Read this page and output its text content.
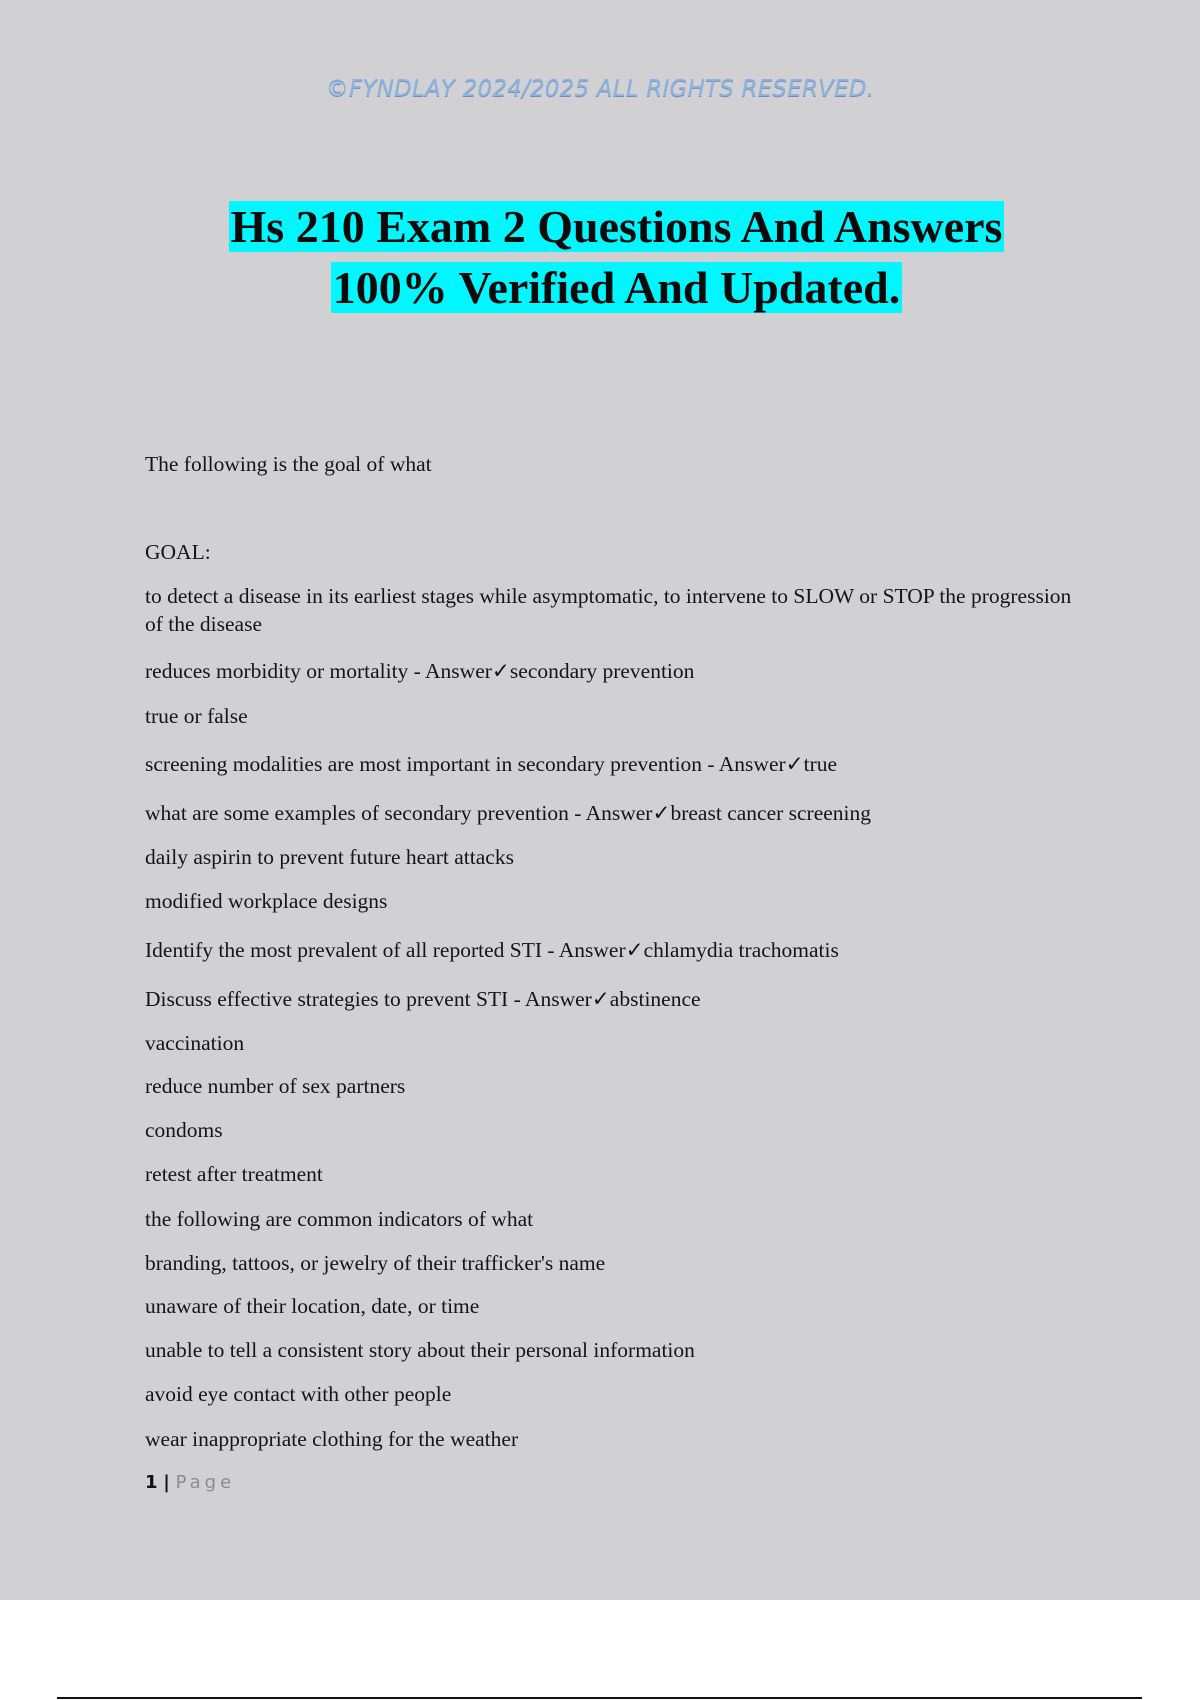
©FYNDLAY 2024/2025 ALL RIGHTS RESERVED.
Hs 210 Exam 2 Questions And Answers
100% Verified And Updated.
The following is the goal of what
GOAL:
to detect a disease in its earliest stages while asymptomatic, to intervene to SLOW or STOP the progression of the disease
reduces morbidity or mortality - Answer✓secondary prevention
true or false
screening modalities are most important in secondary prevention - Answer✓true
what are some examples of secondary prevention - Answer✓breast cancer screening
daily aspirin to prevent future heart attacks
modified workplace designs
Identify the most prevalent of all reported STI - Answer✓chlamydia trachomatis
Discuss effective strategies to prevent STI - Answer✓abstinence
vaccination
reduce number of sex partners
condoms
retest after treatment
the following are common indicators of what
branding, tattoos, or jewelry of their trafficker's name
unaware of their location, date, or time
unable to tell a consistent story about their personal information
avoid eye contact with other people
wear inappropriate clothing for the weather
1 | Page
